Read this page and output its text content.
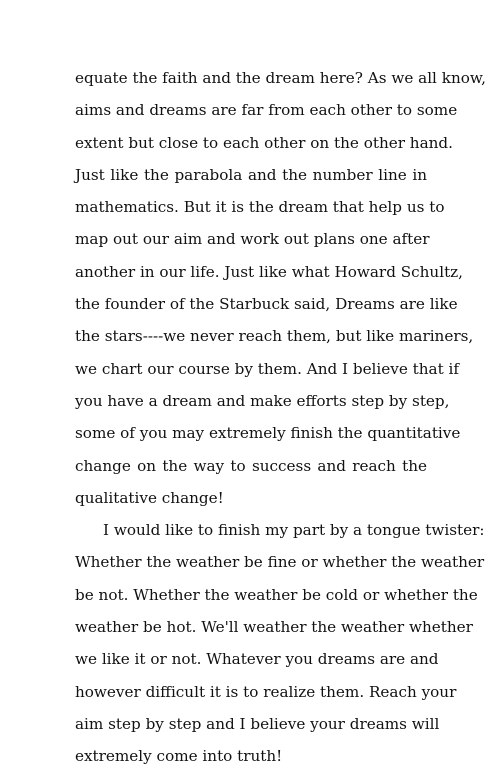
equate the faith and the dream here? As we all know,
aims and dreams are far from each other to some
extent but close to each other on the other hand.
Just like the parabola and the number line in
mathematics. But it is the dream that help us to
map out our aim and work out plans one after
another in our life. Just like what Howard Schultz,
the founder of the Starbuck said, Dreams are like
the stars----we never reach them, but like mariners,
we chart our course by them. And I believe that if
you have a dream and make efforts step by step,
some of you may extremely finish the quantitative
change on the way to success and reach the
qualitative change!
I would like to finish my part by a tongue twister:
Whether the weather be fine or whether the weather
be not. Whether the weather be cold or whether the
weather be hot. We'll weather the weather whether
we like it or not. Whatever you dreams are and
however difficult it is to realize them. Reach your
aim step by step and I believe your dreams will
extremely come into truth!
